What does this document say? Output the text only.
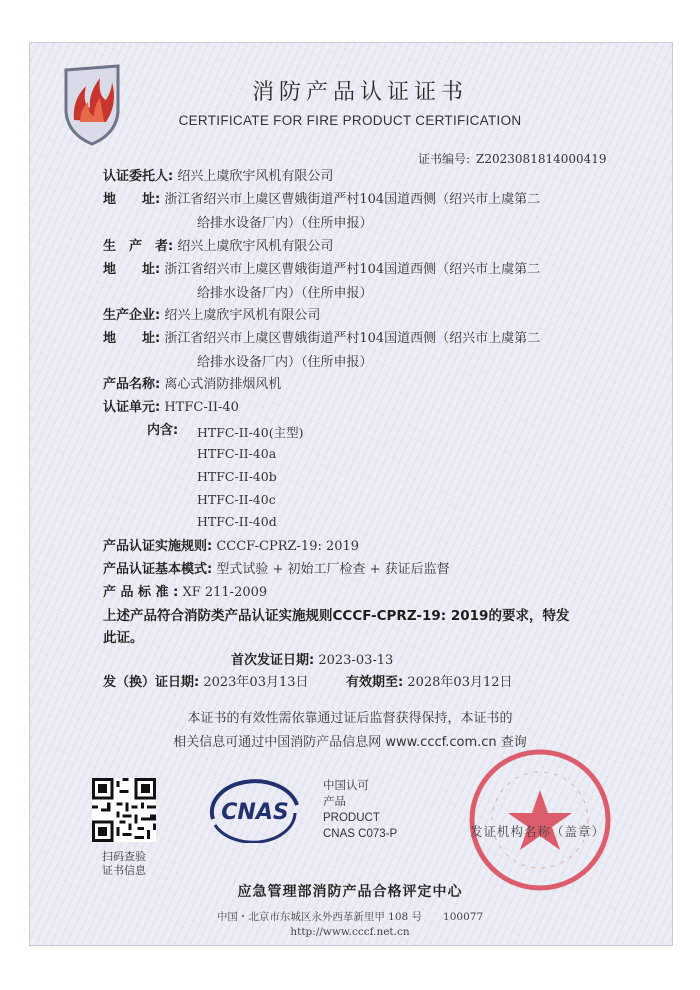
消防产品认证证书
CERTIFICATE FOR FIRE PRODUCT CERTIFICATION
证书编号: Z2023081814000419
认证委托人: 绍兴上虞欣宇风机有限公司
地　　址: 浙江省绍兴市上虞区曹娥街道严村104国道西侧（绍兴市上虞第二
给排水设备厂内）（住所申报）
生　产　者: 绍兴上虞欣宇风机有限公司
地　　址: 浙江省绍兴市上虞区曹娥街道严村104国道西侧（绍兴市上虞第二
给排水设备厂内）（住所申报）
生产企业: 绍兴上虞欣宇风机有限公司
地　　址: 浙江省绍兴市上虞区曹娥街道严村104国道西侧（绍兴市上虞第二
给排水设备厂内）（住所申报）
产品名称: 离心式消防排烟风机
认证单元: HTFC-II-40
内含: HTFC-II-40(主型)
HTFC-II-40a
HTFC-II-40b
HTFC-II-40c
HTFC-II-40d
产品认证实施规则: CCCF-CPRZ-19: 2019
产品认证基本模式: 型式试验 + 初始工厂检查 + 获证后监督
产 品 标 准 : XF 211-2009
上述产品符合消防类产品认证实施规则CCCF-CPRZ-19: 2019的要求，特发
此证。
首次发证日期: 2023-03-13
发（换）证日期: 2023年03月13日	有效期至: 2028年03月12日
本证书的有效性需依靠通过证后监督获得保持，本证书的
相关信息可通过中国消防产品信息网 www.cccf.com.cn 查询
扫码查验
证书信息
CNAS
中国认可
产品
PRODUCT
CNAS C073-P	发证机构名称（盖章）
应急管理部消防产品合格评定中心
中国・北京市东城区永外西革新里甲 108 号　　100077
http://www.cccf.net.cn
